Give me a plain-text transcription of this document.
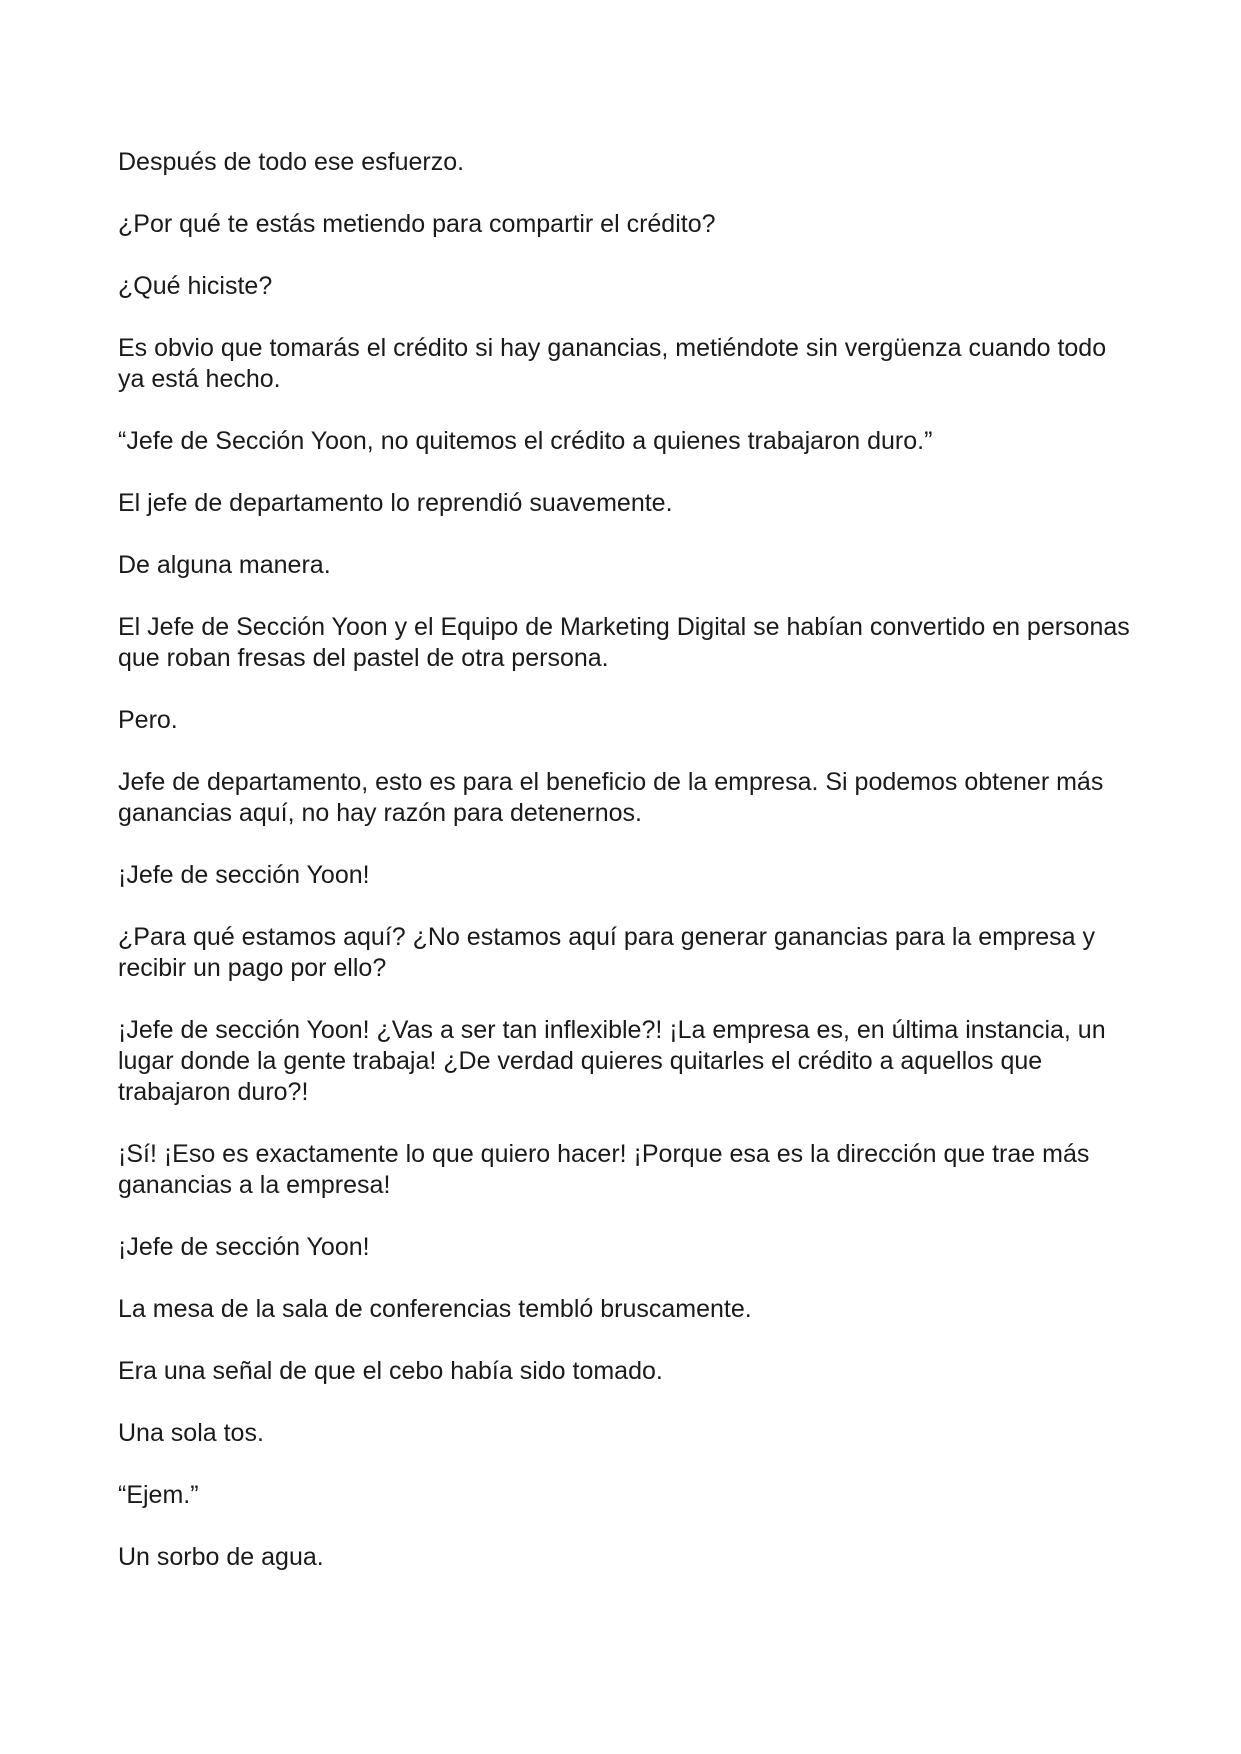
Después de todo ese esfuerzo.

¿Por qué te estás metiendo para compartir el crédito?

¿Qué hiciste?

Es obvio que tomarás el crédito si hay ganancias, metiéndote sin vergüenza cuando todo ya está hecho.

“Jefe de Sección Yoon, no quitemos el crédito a quienes trabajaron duro.”

El jefe de departamento lo reprendió suavemente.

De alguna manera.

El Jefe de Sección Yoon y el Equipo de Marketing Digital se habían convertido en personas que roban fresas del pastel de otra persona.

Pero.

Jefe de departamento, esto es para el beneficio de la empresa. Si podemos obtener más ganancias aquí, no hay razón para detenernos.

¡Jefe de sección Yoon!

¿Para qué estamos aquí? ¿No estamos aquí para generar ganancias para la empresa y recibir un pago por ello?

¡Jefe de sección Yoon! ¿Vas a ser tan inflexible?! ¡La empresa es, en última instancia, un lugar donde la gente trabaja! ¿De verdad quieres quitarles el crédito a aquellos que trabajaron duro?!

¡Sí! ¡Eso es exactamente lo que quiero hacer! ¡Porque esa es la dirección que trae más ganancias a la empresa!

¡Jefe de sección Yoon!

La mesa de la sala de conferencias tembló bruscamente.

Era una señal de que el cebo había sido tomado.

Una sola tos.

“Ejem.”

Un sorbo de agua.
